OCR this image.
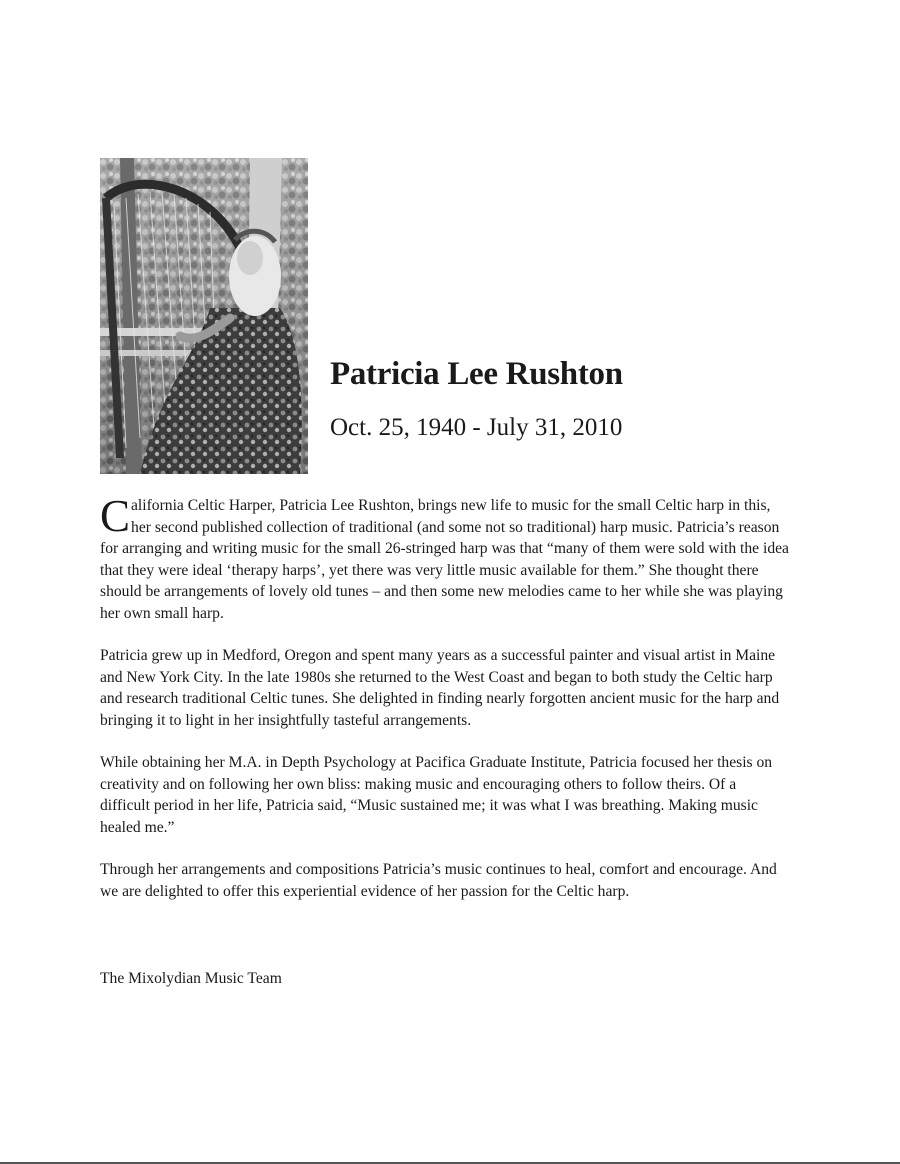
Patricia Lee Rushton
Oct. 25, 1940 - July 31, 2010

California Celtic Harper, Patricia Lee Rushton, brings new life to music for the small Celtic harp in this, her second published collection of traditional (and some not so traditional) harp music. Patricia’s reason for arranging and writing music for the small 26-stringed harp was that “many of them were sold with the idea that they were ideal ‘therapy harps’, yet there was very little music available for them.” She thought there should be arrangements of lovely old tunes – and then some new melodies came to her while she was playing her own small harp.

Patricia grew up in Medford, Oregon and spent many years as a successful painter and visual artist in Maine and New York City. In the late 1980s she returned to the West Coast and began to both study the Celtic harp and research traditional Celtic tunes. She delighted in finding nearly forgotten ancient music for the harp and bringing it to light in her insightfully tasteful arrangements.

While obtaining her M.A. in Depth Psychology at Pacifica Graduate Institute, Patricia focused her thesis on creativity and on following her own bliss: making music and encouraging others to follow theirs. Of a difficult period in her life, Patricia said, “Music sustained me; it was what I was breathing. Making music healed me.”

Through her arrangements and compositions Patricia’s music continues to heal, comfort and encourage. And we are delighted to offer this experiential evidence of her passion for the Celtic harp.

The Mixolydian Music Team
